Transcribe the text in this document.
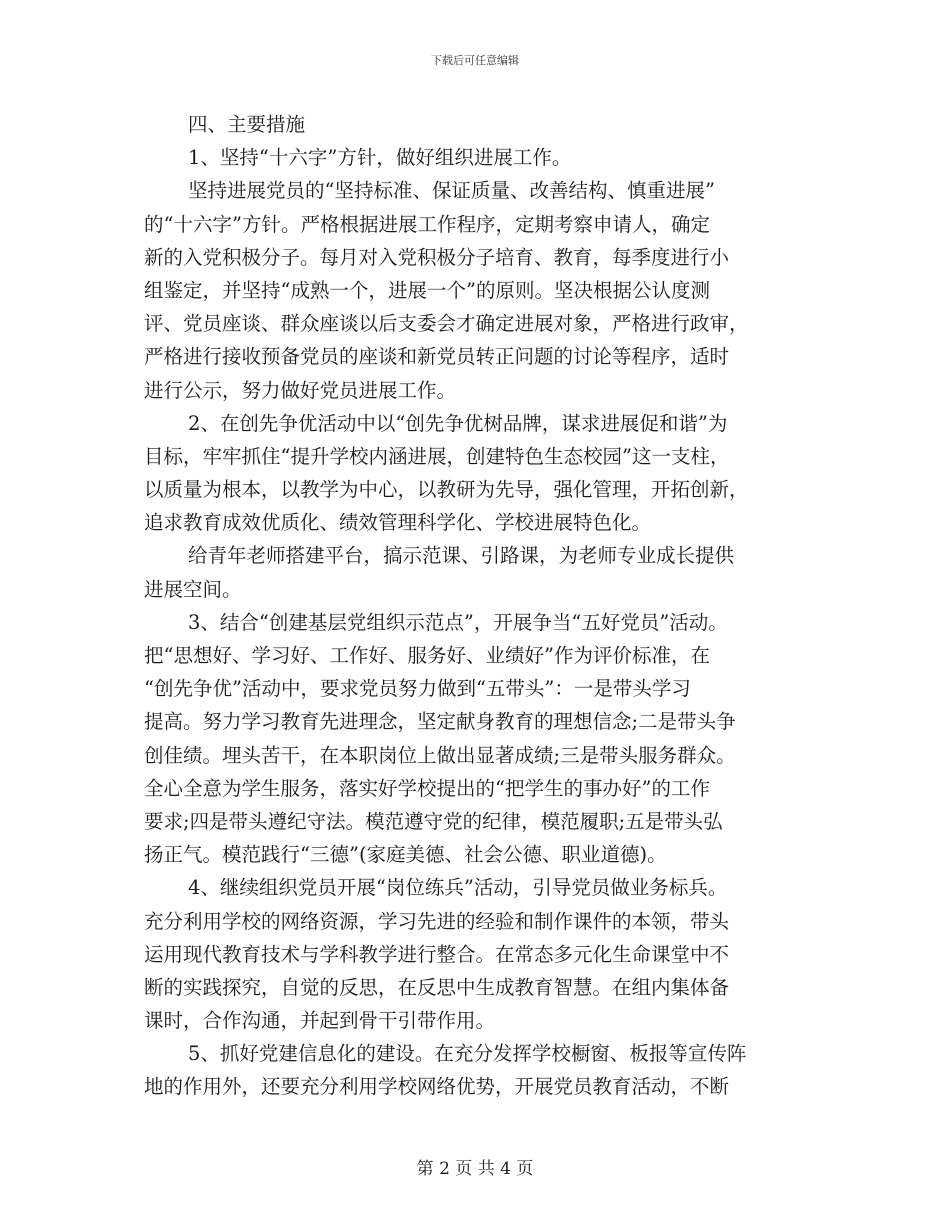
下载后可任意编辑
四、主要措施
1、坚持“十六字”方针，做好组织进展工作。
坚持进展党员的“坚持标准、保证质量、改善结构、慎重进展”
的“十六字”方针。严格根据进展工作程序，定期考察申请人，确定
新的入党积极分子。每月对入党积极分子培育、教育，每季度进行小
组鉴定，并坚持“成熟一个，进展一个”的原则。坚决根据公认度测
评、党员座谈、群众座谈以后支委会才确定进展对象，严格进行政审，
严格进行接收预备党员的座谈和新党员转正问题的讨论等程序，适时
进行公示，努力做好党员进展工作。
2、在创先争优活动中以“创先争优树品牌，谋求进展促和谐”为
目标，牢牢抓住“提升学校内涵进展，创建特色生态校园”这一支柱，
以质量为根本，以教学为中心，以教研为先导，强化管理，开拓创新，
追求教育成效优质化、绩效管理科学化、学校进展特色化。
给青年老师搭建平台，搞示范课、引路课，为老师专业成长提供
进展空间。
3、结合“创建基层党组织示范点”，开展争当“五好党员”活动。
把“思想好、学习好、工作好、服务好、业绩好”作为评价标准，在
“创先争优”活动中，要求党员努力做到“五带头”：一是带头学习
提高。努力学习教育先进理念，坚定献身教育的理想信念;二是带头争
创佳绩。埋头苦干，在本职岗位上做出显著成绩;三是带头服务群众。
全心全意为学生服务，落实好学校提出的“把学生的事办好”的工作
要求;四是带头遵纪守法。模范遵守党的纪律，模范履职;五是带头弘
扬正气。模范践行“三德”(家庭美德、社会公德、职业道德)。
4、继续组织党员开展“岗位练兵”活动，引导党员做业务标兵。
充分利用学校的网络资源，学习先进的经验和制作课件的本领，带头
运用现代教育技术与学科教学进行整合。在常态多元化生命课堂中不
断的实践探究，自觉的反思，在反思中生成教育智慧。在组内集体备
课时，合作沟通，并起到骨干引带作用。
5、抓好党建信息化的建设。在充分发挥学校橱窗、板报等宣传阵
地的作用外，还要充分利用学校网络优势，开展党员教育活动，不断
第 2 页 共 4 页
